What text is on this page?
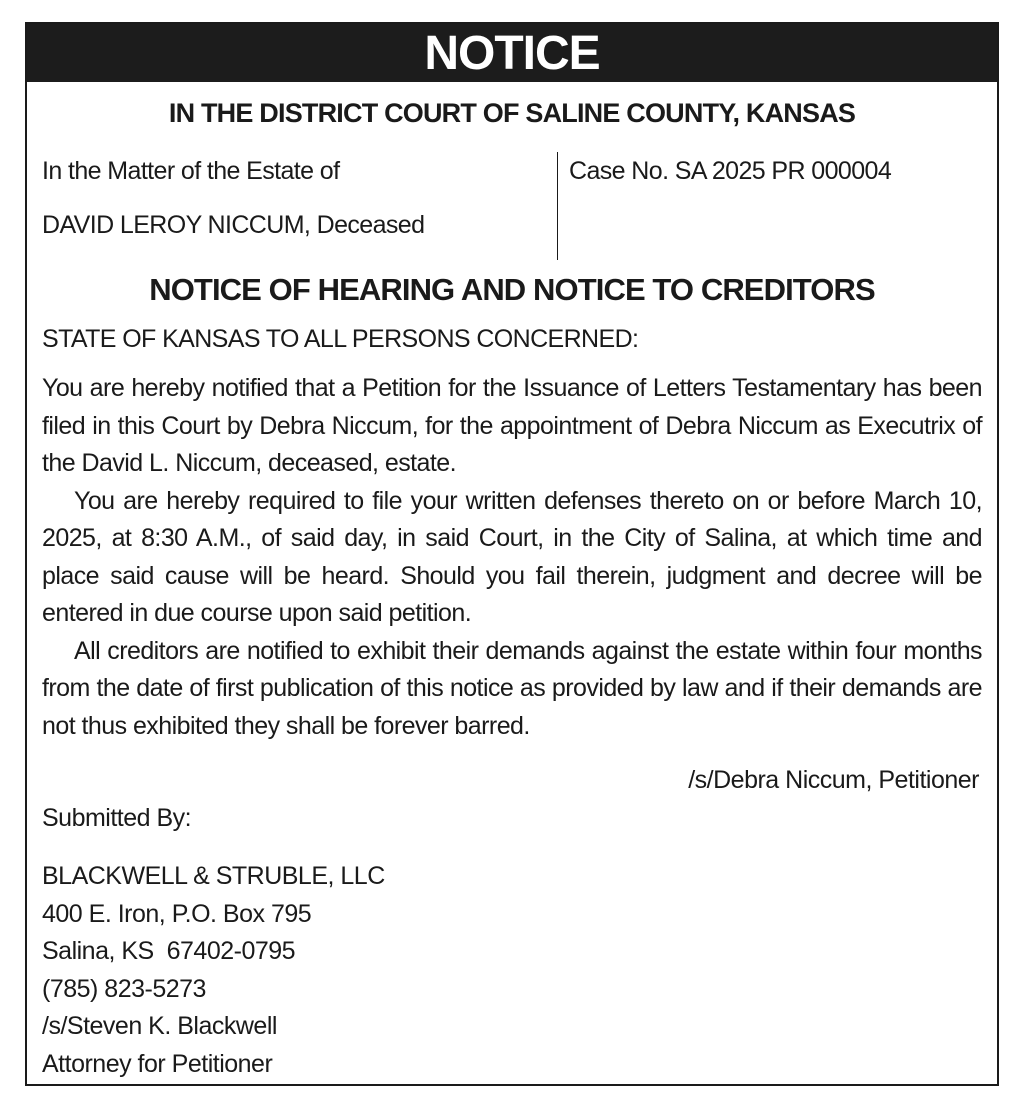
NOTICE
IN THE DISTRICT COURT OF SALINE COUNTY, KANSAS
In the Matter of the Estate of
DAVID LEROY NICCUM, Deceased
Case No. SA 2025 PR 000004
NOTICE OF HEARING AND NOTICE TO CREDITORS
STATE OF KANSAS TO ALL PERSONS CONCERNED:

You are hereby notified that a Petition for the Issuance of Letters Testamentary has been filed in this Court by Debra Niccum, for the appointment of Debra Niccum as Executrix of the David L. Niccum, deceased, estate.

You are hereby required to file your written defenses thereto on or before March 10, 2025, at 8:30 A.M., of said day, in said Court, in the City of Salina, at which time and place said cause will be heard. Should you fail therein, judgment and decree will be entered in due course upon said petition.

All creditors are notified to exhibit their demands against the estate within four months from the date of first publication of this notice as provided by law and if their demands are not thus exhibited they shall be forever barred.

/s/Debra Niccum, Petitioner
Submitted By:
BLACKWELL & STRUBLE, LLC
400 E. Iron, P.O. Box 795
Salina, KS  67402-0795
(785) 823-5273
/s/Steven K. Blackwell
Attorney for Petitioner
